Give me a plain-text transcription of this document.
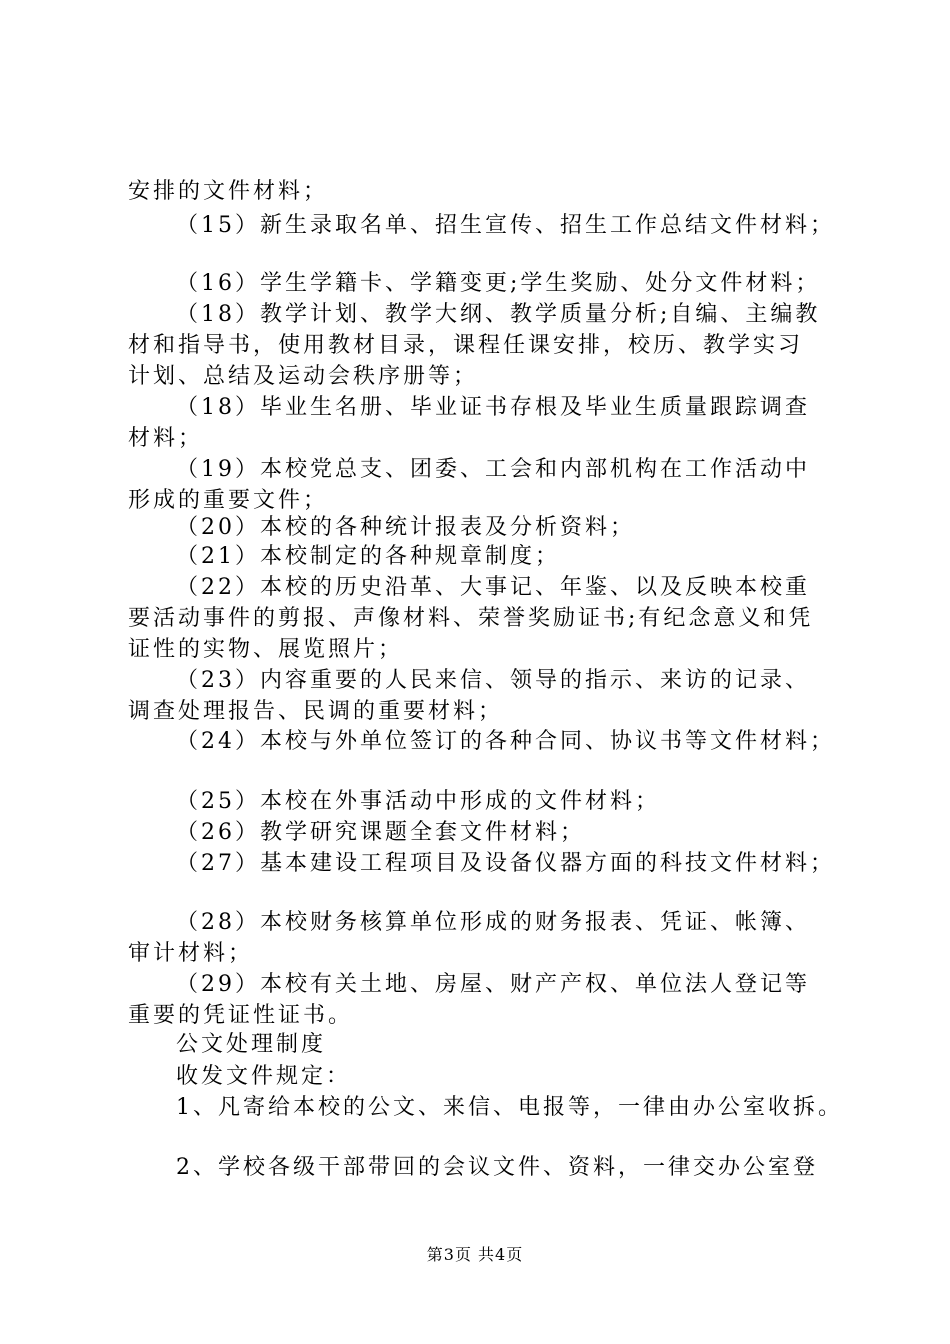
安排的文件材料；
（15）新生录取名单、招生宣传、招生工作总结文件材料；
（16）学生学籍卡、学籍变更;学生奖励、处分文件材料；
（18）教学计划、教学大纲、教学质量分析;自编、主编教
材和指导书，使用教材目录，课程任课安排，校历、教学实习
计划、总结及运动会秩序册等；
（18）毕业生名册、毕业证书存根及毕业生质量跟踪调查
材料；
（19）本校党总支、团委、工会和内部机构在工作活动中
形成的重要文件；
（20）本校的各种统计报表及分析资料；
（21）本校制定的各种规章制度；
（22）本校的历史沿革、大事记、年鉴、以及反映本校重
要活动事件的剪报、声像材料、荣誉奖励证书;有纪念意义和凭
证性的实物、展览照片；
（23）内容重要的人民来信、领导的指示、来访的记录、
调查处理报告、民调的重要材料；
（24）本校与外单位签订的各种合同、协议书等文件材料；
（25）本校在外事活动中形成的文件材料；
（26）教学研究课题全套文件材料；
（27）基本建设工程项目及设备仪器方面的科技文件材料；
（28）本校财务核算单位形成的财务报表、凭证、帐簿、
审计材料；
（29）本校有关土地、房屋、财产产权、单位法人登记等
重要的凭证性证书。
公文处理制度
收发文件规定：
1、凡寄给本校的公文、来信、电报等，一律由办公室收拆。
2、学校各级干部带回的会议文件、资料，一律交办公室登
第3页 共4页
